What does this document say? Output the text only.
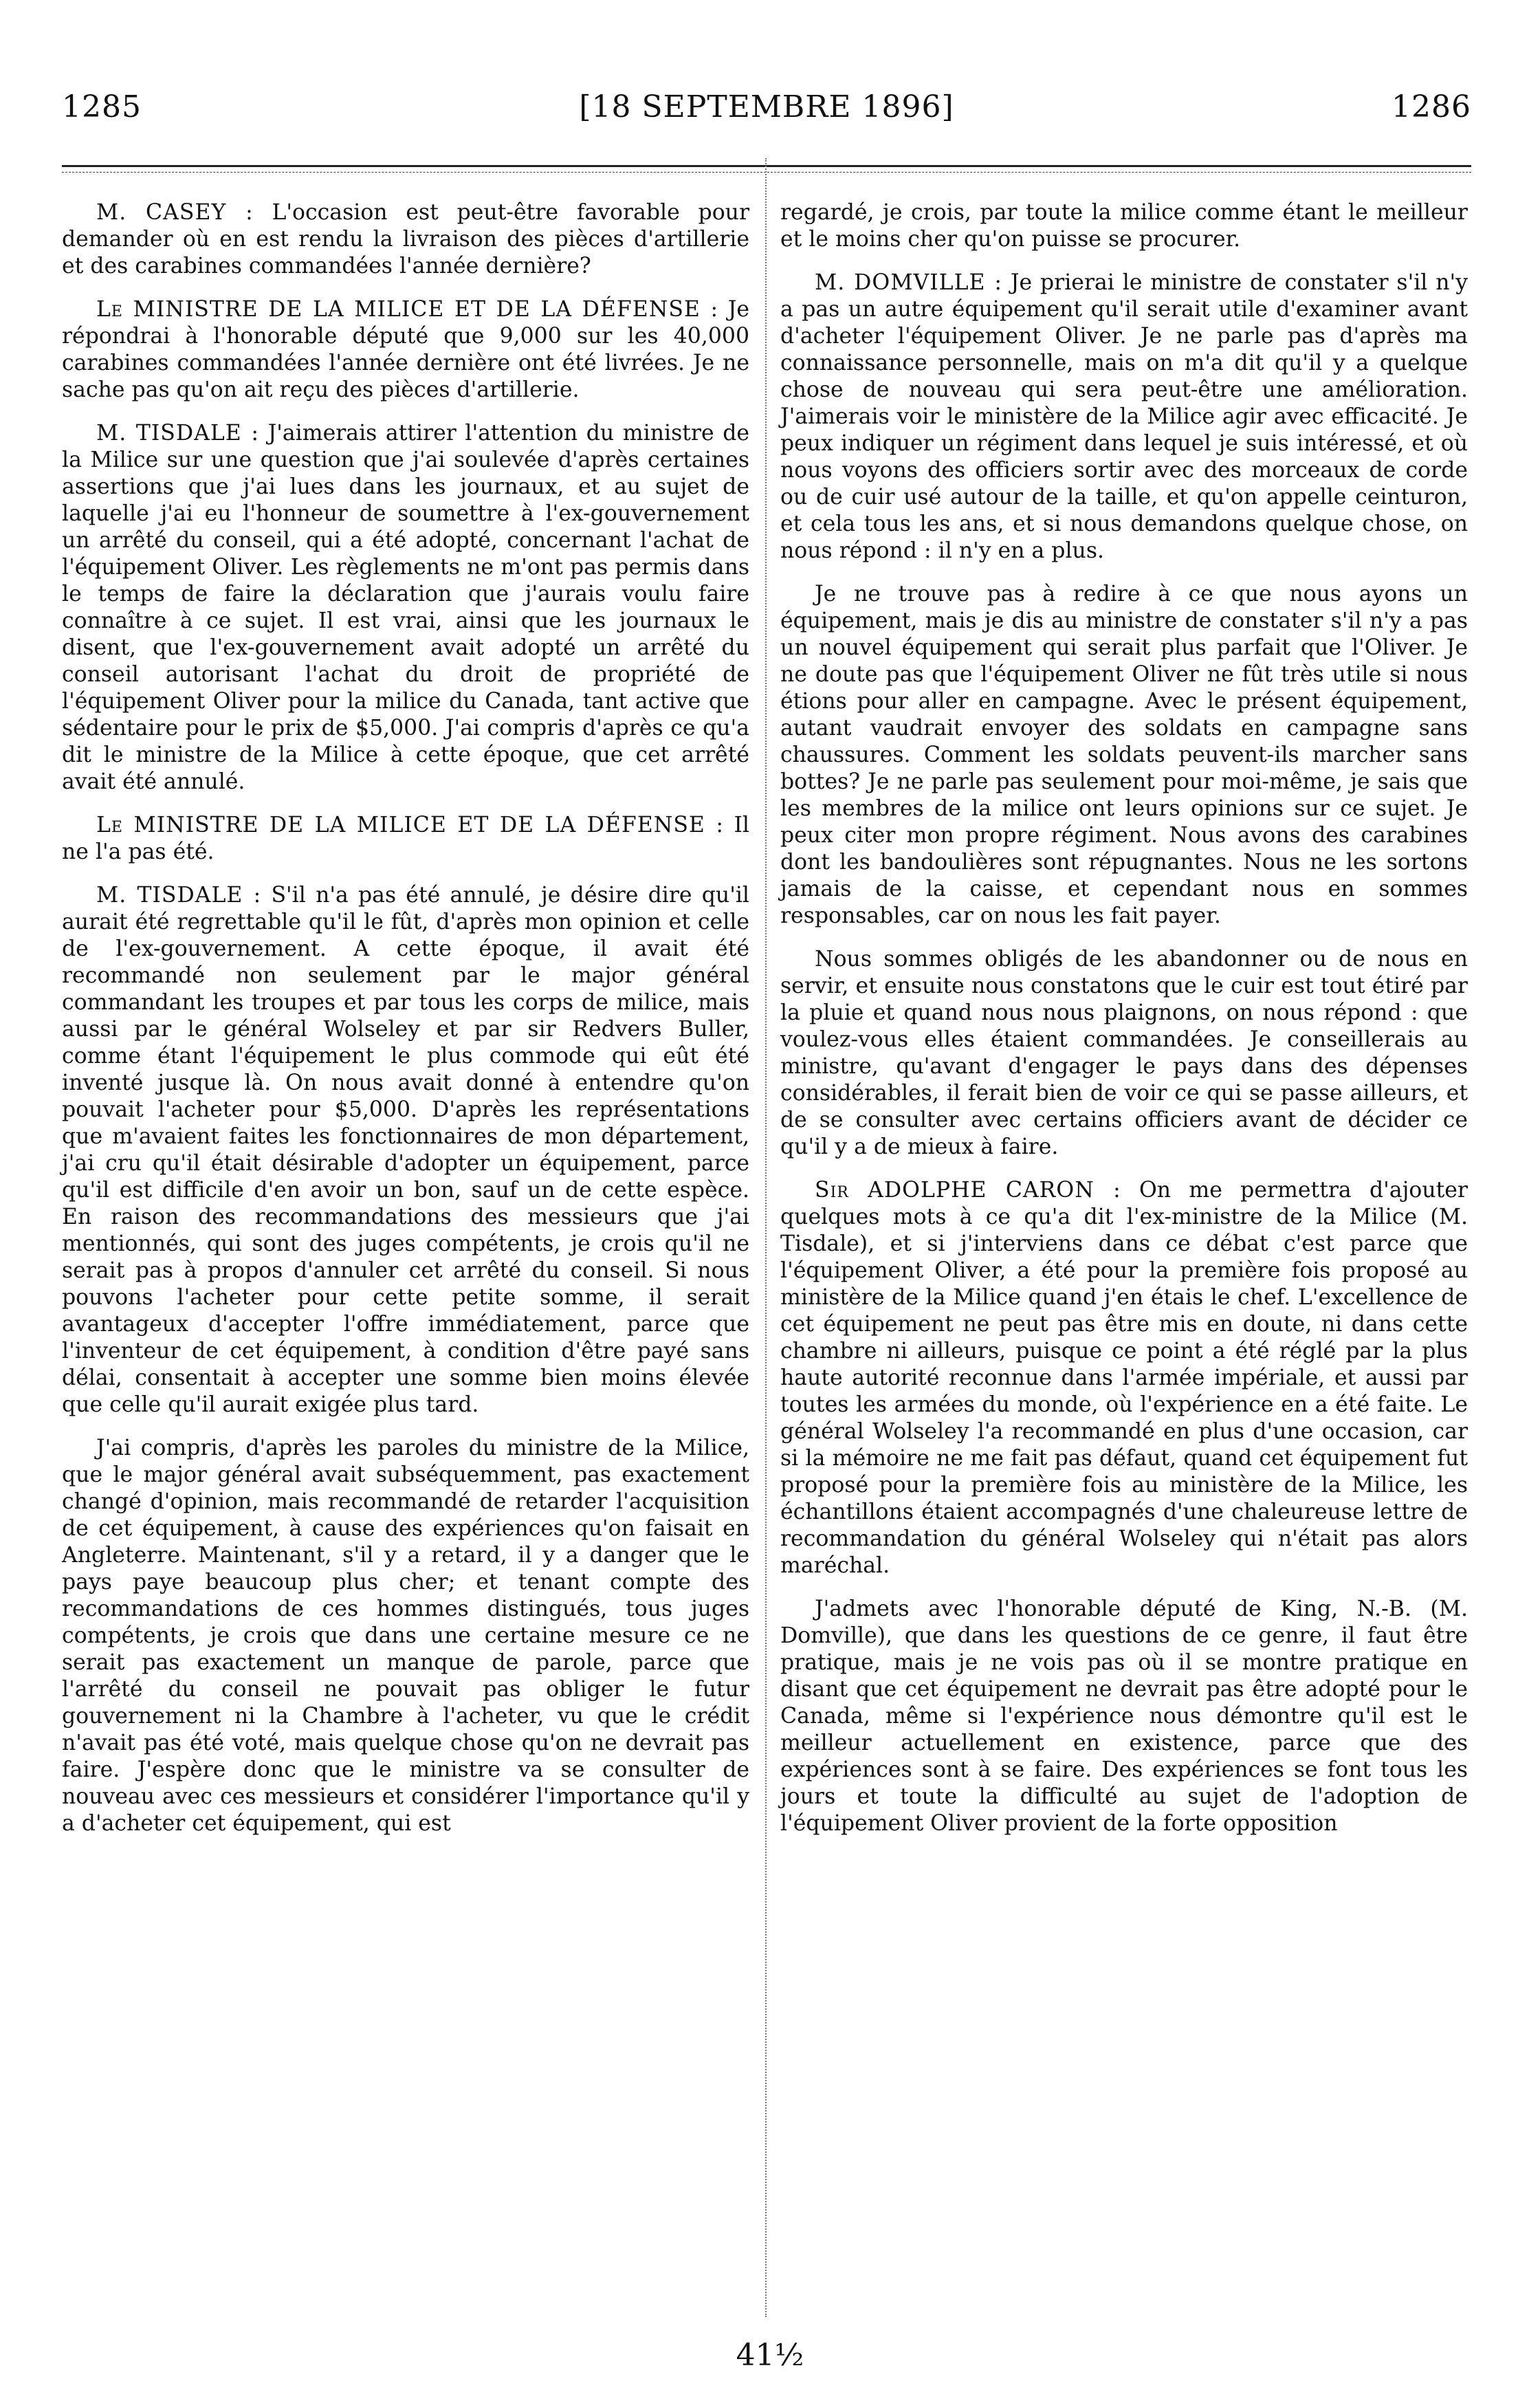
1285	[18 SEPTEMBRE 1896]	1286

M. CASEY : L'occasion est peut-être favorable pour demander où en est rendu la livraison des pièces d'artillerie et des carabines commandées l'année dernière?

Le MINISTRE DE LA MILICE ET DE LA DÉFENSE : Je répondrai à l'honorable député que 9,000 sur les 40,000 carabines commandées l'année dernière ont été livrées. Je ne sache pas qu'on ait reçu des pièces d'artillerie.

M. TISDALE : J'aimerais attirer l'attention du ministre de la Milice sur une question que j'ai soulevée d'après certaines assertions que j'ai lues dans les journaux, et au sujet de laquelle j'ai eu l'honneur de soumettre à l'ex-gouvernement un arrêté du conseil, qui a été adopté, concernant l'achat de l'équipement Oliver. Les règlements ne m'ont pas permis dans le temps de faire la déclaration que j'aurais voulu faire connaître à ce sujet. Il est vrai, ainsi que les journaux le disent, que l'ex-gouvernement avait adopté un arrêté du conseil autorisant l'achat du droit de propriété de l'équipement Oliver pour la milice du Canada, tant active que sédentaire pour le prix de $5,000. J'ai compris d'après ce qu'a dit le ministre de la Milice à cette époque, que cet arrêté avait été annulé.

Le MINISTRE DE LA MILICE ET DE LA DÉFENSE : Il ne l'a pas été.

M. TISDALE : S'il n'a pas été annulé, je désire dire qu'il aurait été regrettable qu'il le fût, d'après mon opinion et celle de l'ex-gouvernement. A cette époque, il avait été recommandé non seulement par le major général commandant les troupes et par tous les corps de milice, mais aussi par le général Wolseley et par sir Redvers Buller, comme étant l'équipement le plus commode qui eût été inventé jusque là. On nous avait donné à entendre qu'on pouvait l'acheter pour $5,000. D'après les représentations que m'avaient faites les fonctionnaires de mon département, j'ai cru qu'il était désirable d'adopter un équipement, parce qu'il est difficile d'en avoir un bon, sauf un de cette espèce. En raison des recommandations des messieurs que j'ai mentionnés, qui sont des juges compétents, je crois qu'il ne serait pas à propos d'annuler cet arrêté du conseil. Si nous pouvons l'acheter pour cette petite somme, il serait avantageux d'accepter l'offre immédiatement, parce que l'inventeur de cet équipement, à condition d'être payé sans délai, consentait à accepter une somme bien moins élevée que celle qu'il aurait exigée plus tard.

J'ai compris, d'après les paroles du ministre de la Milice, que le major général avait subséquemment, pas exactement changé d'opinion, mais recommandé de retarder l'acquisition de cet équipement, à cause des expériences qu'on faisait en Angleterre. Maintenant, s'il y a retard, il y a danger que le pays paye beaucoup plus cher; et tenant compte des recommandations de ces hommes distingués, tous juges compétents, je crois que dans une certaine mesure ce ne serait pas exactement un manque de parole, parce que l'arrêté du conseil ne pouvait pas obliger le futur gouvernement ni la Chambre à l'acheter, vu que le crédit n'avait pas été voté, mais quelque chose qu'on ne devrait pas faire. J'espère donc que le ministre va se consulter de nouveau avec ces messieurs et considérer l'importance qu'il y a d'acheter cet équipement, qui est

regardé, je crois, par toute la milice comme étant le meilleur et le moins cher qu'on puisse se procurer.

M. DOMVILLE : Je prierai le ministre de constater s'il n'y a pas un autre équipement qu'il serait utile d'examiner avant d'acheter l'équipement Oliver. Je ne parle pas d'après ma connaissance personnelle, mais on m'a dit qu'il y a quelque chose de nouveau qui sera peut-être une amélioration. J'aimerais voir le ministère de la Milice agir avec efficacité. Je peux indiquer un régiment dans lequel je suis intéressé, et où nous voyons des officiers sortir avec des morceaux de corde ou de cuir usé autour de la taille, et qu'on appelle ceinturon, et cela tous les ans, et si nous demandons quelque chose, on nous répond : il n'y en a plus.

Je ne trouve pas à redire à ce que nous ayons un équipement, mais je dis au ministre de constater s'il n'y a pas un nouvel équipement qui serait plus parfait que l'Oliver. Je ne doute pas que l'équipement Oliver ne fût très utile si nous étions pour aller en campagne. Avec le présent équipement, autant vaudrait envoyer des soldats en campagne sans chaussures. Comment les soldats peuvent-ils marcher sans bottes? Je ne parle pas seulement pour moi-même, je sais que les membres de la milice ont leurs opinions sur ce sujet. Je peux citer mon propre régiment. Nous avons des carabines dont les bandoulières sont répugnantes. Nous ne les sortons jamais de la caisse, et cependant nous en sommes responsables, car on nous les fait payer.

Nous sommes obligés de les abandonner ou de nous en servir, et ensuite nous constatons que le cuir est tout étiré par la pluie et quand nous nous plaignons, on nous répond : que voulez-vous elles étaient commandées. Je conseillerais au ministre, qu'avant d'engager le pays dans des dépenses considérables, il ferait bien de voir ce qui se passe ailleurs, et de se consulter avec certains officiers avant de décider ce qu'il y a de mieux à faire.

Sir ADOLPHE CARON : On me permettra d'ajouter quelques mots à ce qu'a dit l'ex-ministre de la Milice (M. Tisdale), et si j'interviens dans ce débat c'est parce que l'équipement Oliver, a été pour la première fois proposé au ministère de la Milice quand j'en étais le chef. L'excellence de cet équipement ne peut pas être mis en doute, ni dans cette chambre ni ailleurs, puisque ce point a été réglé par la plus haute autorité reconnue dans l'armée impériale, et aussi par toutes les armées du monde, où l'expérience en a été faite. Le général Wolseley l'a recommandé en plus d'une occasion, car si la mémoire ne me fait pas défaut, quand cet équipement fut proposé pour la première fois au ministère de la Milice, les échantillons étaient accompagnés d'une chaleureuse lettre de recommandation du général Wolseley qui n'était pas alors maréchal.

J'admets avec l'honorable député de King, N.-B. (M. Domville), que dans les questions de ce genre, il faut être pratique, mais je ne vois pas où il se montre pratique en disant que cet équipement ne devrait pas être adopté pour le Canada, même si l'expérience nous démontre qu'il est le meilleur actuellement en existence, parce que des expériences sont à se faire. Des expériences se font tous les jours et toute la difficulté au sujet de l'adoption de l'équipement Oliver provient de la forte opposition

41½
